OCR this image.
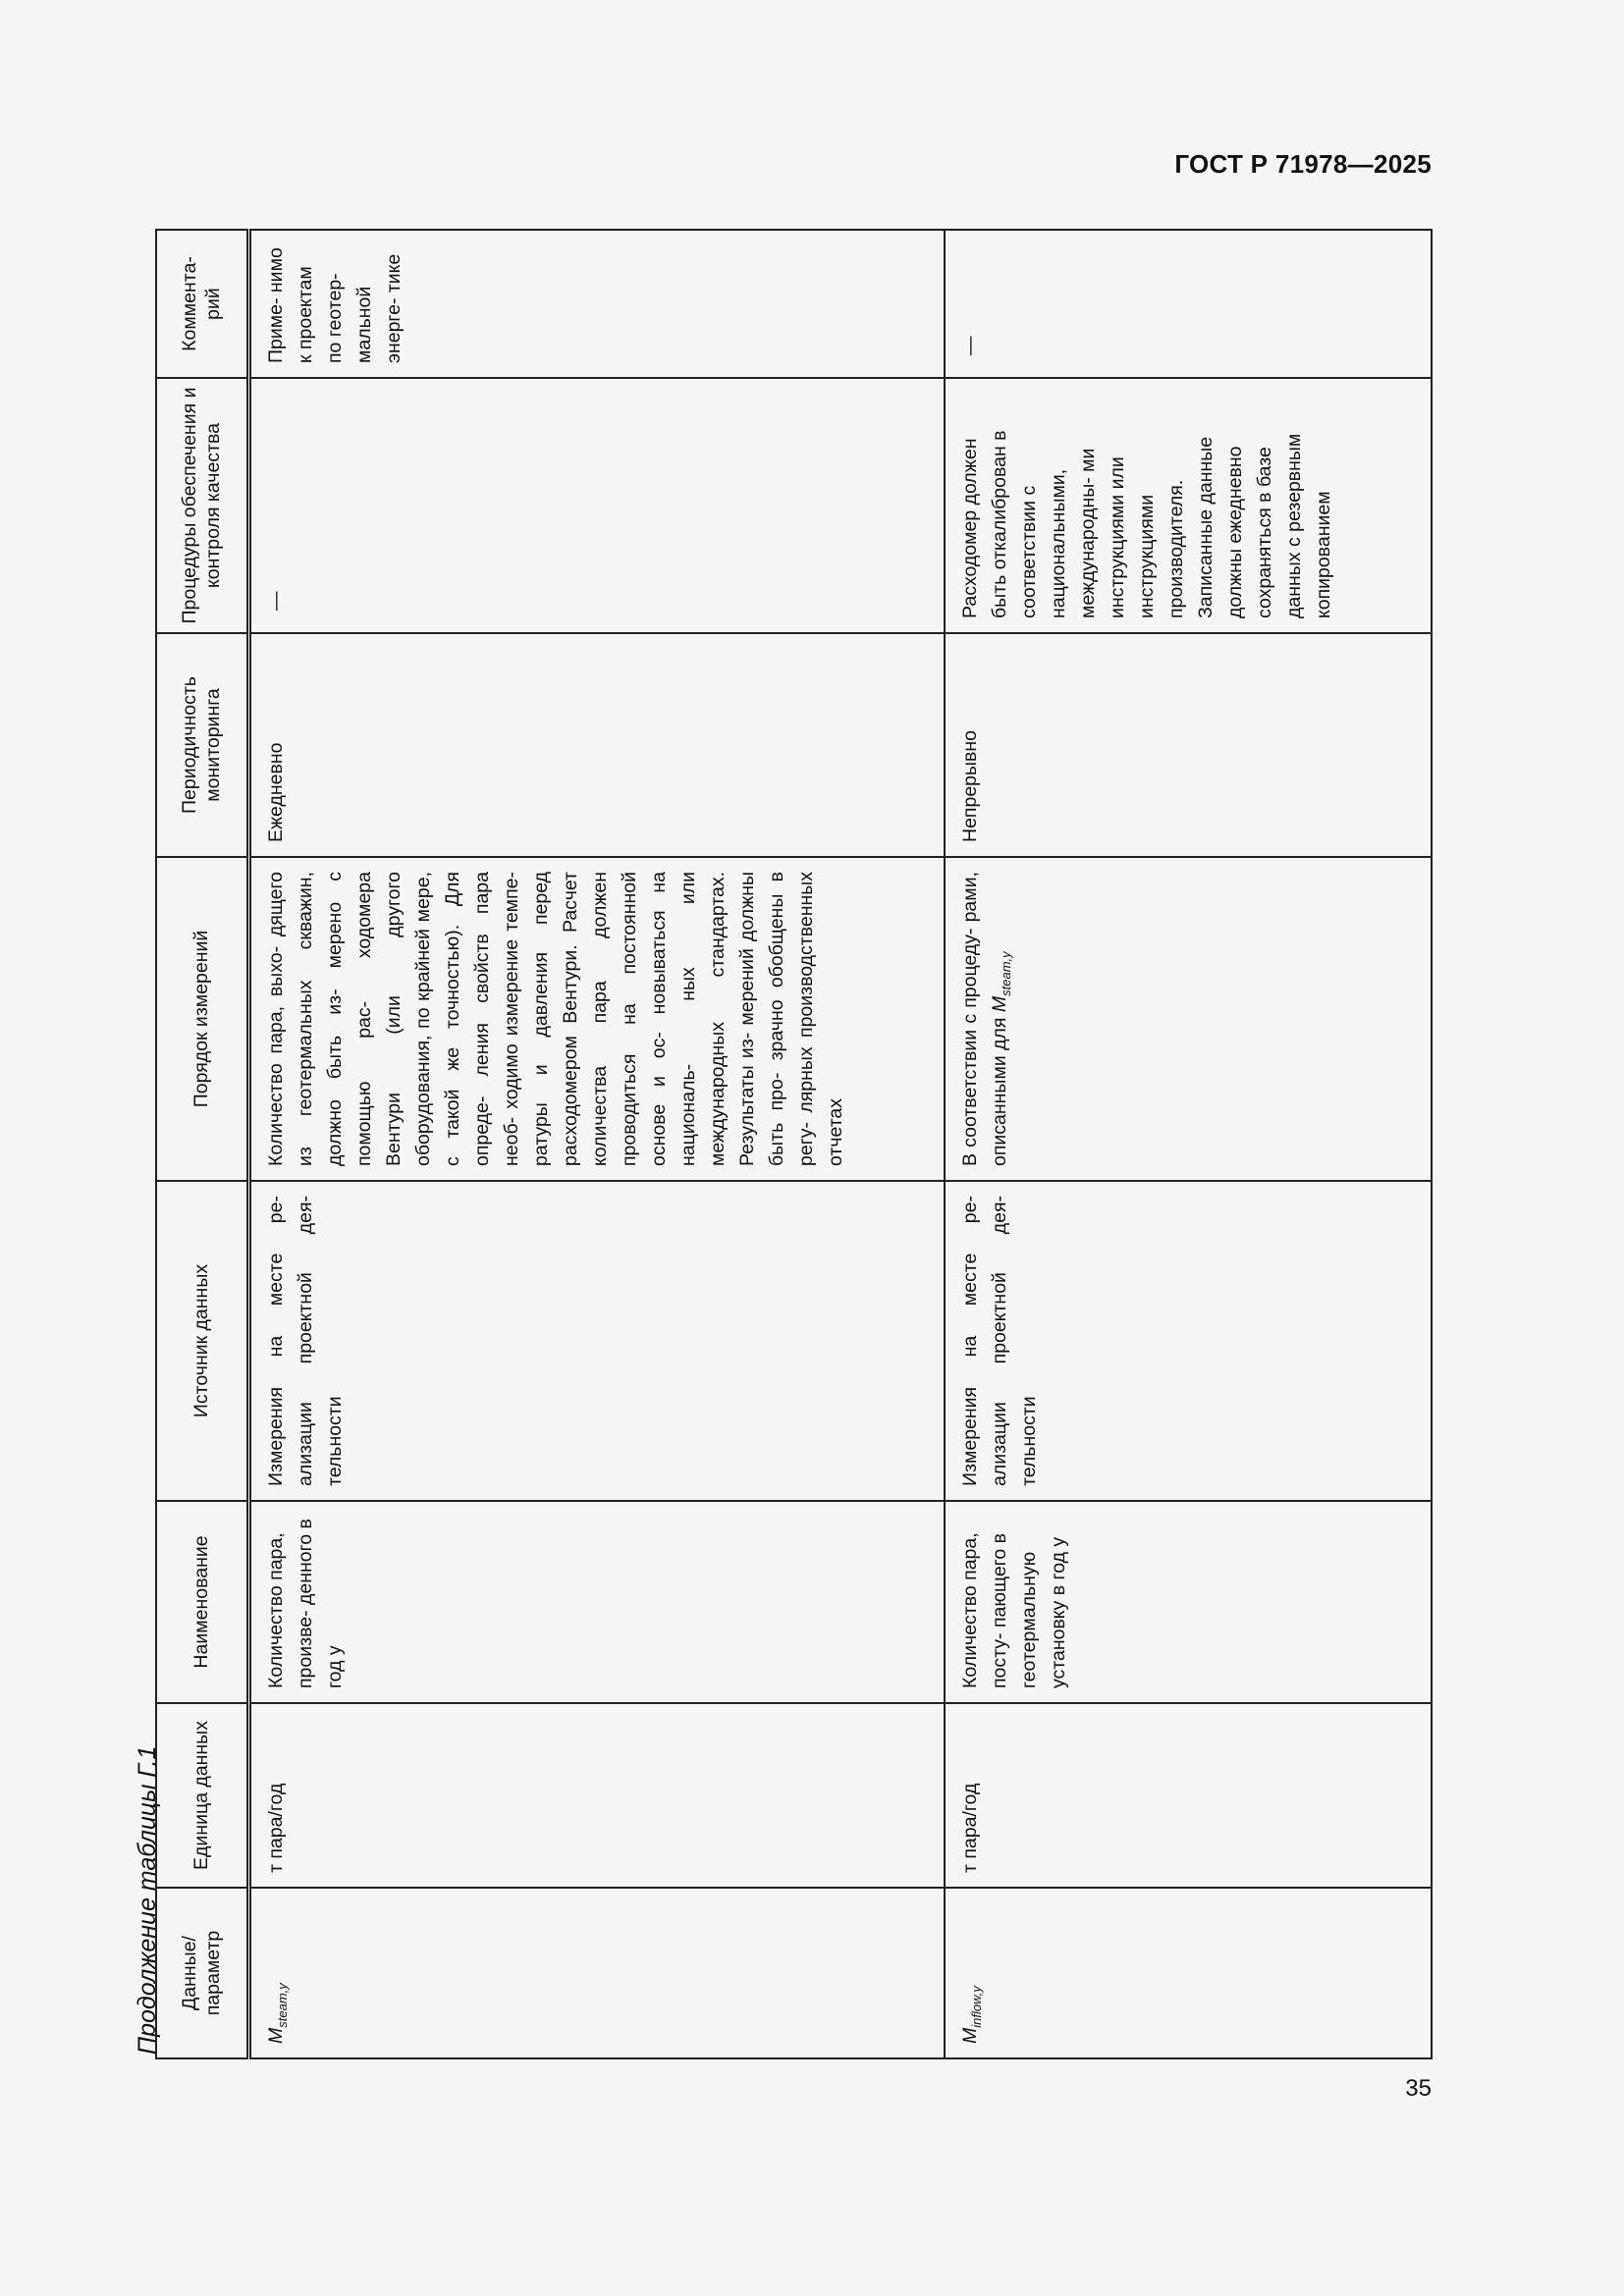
ГОСТ Р 71978—2025
Продолжение таблицы Г.1 Данные/ параметр	Единица данных	Наименование	Источник данных	Порядок измерений	Периодичность мониторинга	Процедуры обеспечения и контроля качества	Коммента- рий
$M_{steam,y}$	т пара/год	Количество пара, произве- денного в год y	Измерения на месте ре- ализации проектной дея- тельности	Количество пара, выхо- дящего из геотермальных скважин, должно быть из- мерено с помощью рас- ходомера Вентури (или другого оборудования, по крайней мере, с такой же точностью). Для опреде- ления свойств пара необ- ходимо измерение темпе- ратуры и давления перед расходомером Вентури. Расчет количества пара должен проводиться на постоянной основе и ос- новываться на националь- ных или международных стандартах. Результаты из- мерений должны быть про- зрачно обобщены в регу- лярных производственных отчетах	Ежедневно	—	Приме- нимо к проектам по геотер- мальной энерге- тике
$M_{inflow,y}$	т пара/год	Количество пара, посту- пающего в геотермальную установку в год y	Измерения на месте ре- ализации проектной дея- тельности	В соответствии с процеду- рами, описанными для $M_{steam,y}$	Непрерывно	Расходомер должен быть откалиброван в соответствии с национальными, международны- ми инструкциями или инструкциями производителя. Записанные данные должны ежедневно сохраняться в базе данных с резервным копированием	—
35
